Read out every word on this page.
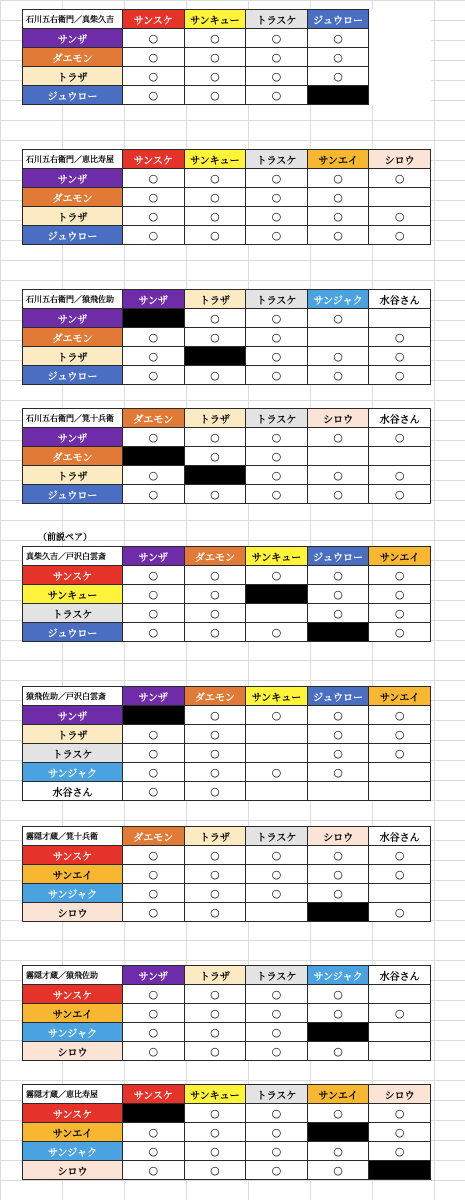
石川五右衛門／真柴久吉	サンスケ	サンキュー	トラスケ	ジュウロー
サンザ	○	○	○	○
ダエモン	○	○	○	○
トラザ	○	○	○	○
ジュウロー	○	○	○	
石川五右衛門／恵比寿屋	サンスケ	サンキュー	トラスケ	サンエイ	シロウ
サンザ	○	○	○	○	○
ダエモン	○	○	○	○	
トラザ	○	○	○	○	○
ジュウロー	○	○	○	○	○
石川五右衛門／猿飛佐助	サンザ	トラザ	トラスケ	サンジャク	水谷さん
サンザ		○	○	○	
ダエモン	○	○	○		○
トラザ	○		○	○	○
ジュウロー	○	○	○	○	○
石川五右衛門／筧十兵衛	ダエモン	トラザ	トラスケ	シロウ	水谷さん
サンザ	○	○	○	○	○
ダエモン		○	○		
トラザ	○		○	○	○
ジュウロー	○	○	○	○	○
（前説ペア）
真柴久吉／戸沢白雲斎	サンザ	ダエモン	サンキュー	ジュウロー	サンエイ
サンスケ	○	○	○	○	○
サンキュー	○	○		○	○
トラスケ	○	○		○	○
ジュウロー	○	○	○		○
猿飛佐助／戸沢白雲斎	サンザ	ダエモン	サンキュー	ジュウロー	サンエイ
サンザ		○	○	○	○
トラザ	○	○		○	○
トラスケ	○	○		○	○
サンジャク	○	○	○	○	
水谷さん	○	○			
霧隠才蔵／筧十兵衛	ダエモン	トラザ	トラスケ	シロウ	水谷さん
サンスケ	○	○	○	○	○
サンエイ	○	○	○	○	○
サンジャク	○	○	○	○	
シロウ	○	○			○
霧隠才蔵／猿飛佐助	サンザ	トラザ	トラスケ	サンジャク	水谷さん
サンスケ	○	○	○	○	
サンエイ	○	○	○	○	○
サンジャク	○	○	○		
シロウ	○	○	○	○	
霧隠才蔵／恵比寿屋	サンスケ	サンキュー	トラスケ	サンエイ	シロウ
サンスケ		○	○	○	○
サンエイ	○	○	○		○
サンジャク	○	○	○	○	○
シロウ	○	○	○	○	
